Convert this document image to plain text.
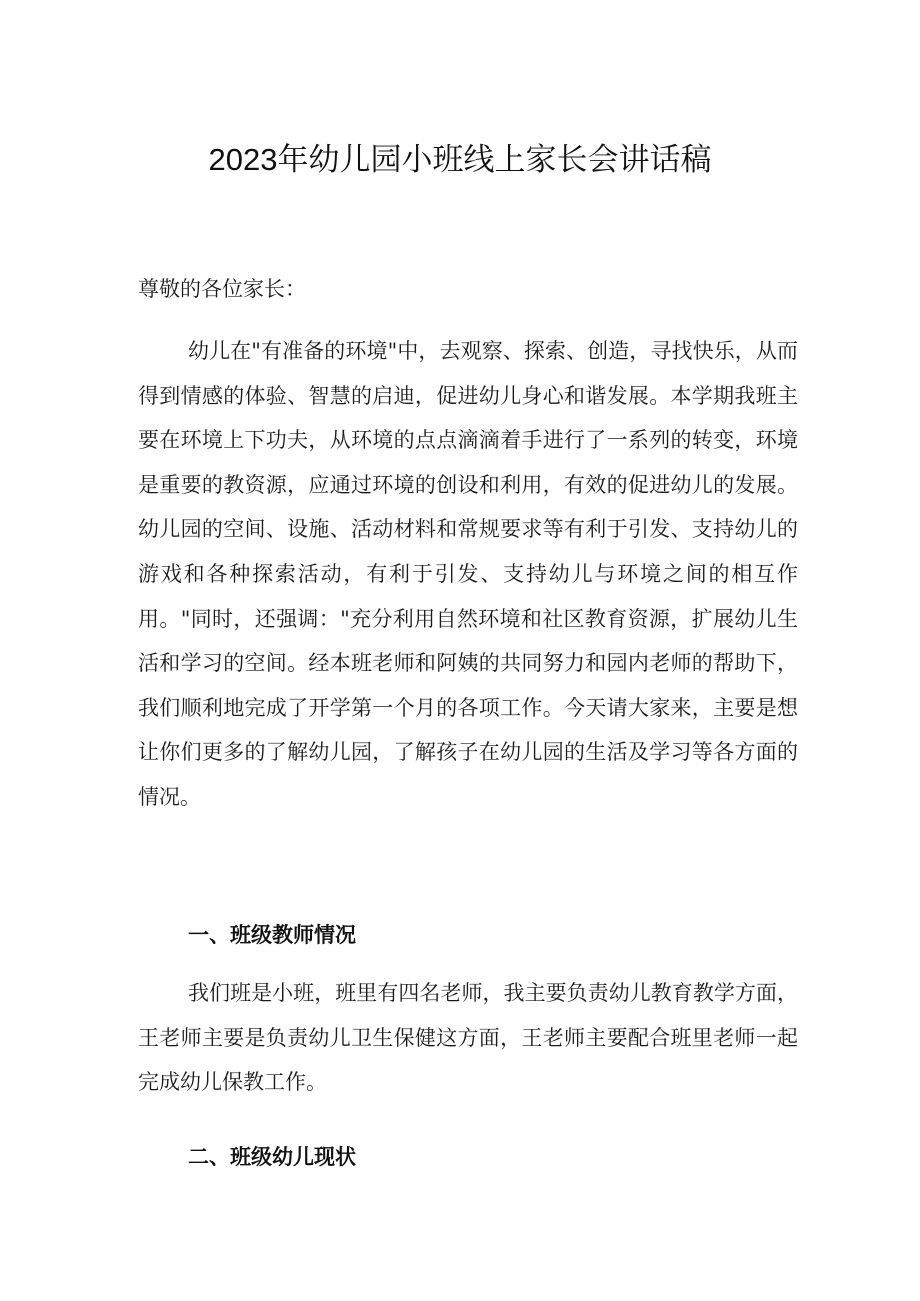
2023年幼儿园小班线上家长会讲话稿

尊敬的各位家长：

幼儿在"有准备的环境"中，去观察、探索、创造，寻找快乐，从而得到情感的体验、智慧的启迪，促进幼儿身心和谐发展。本学期我班主要在环境上下功夫，从环境的点点滴滴着手进行了一系列的转变，环境是重要的教资源，应通过环境的创设和利用，有效的促进幼儿的发展。幼儿园的空间、设施、活动材料和常规要求等有利于引发、支持幼儿的游戏和各种探索活动，有利于引发、支持幼儿与环境之间的相互作用。"同时，还强调："充分利用自然环境和社区教育资源，扩展幼儿生活和学习的空间。经本班老师和阿姨的共同努力和园内老师的帮助下，我们顺利地完成了开学第一个月的各项工作。今天请大家来，主要是想让你们更多的了解幼儿园，了解孩子在幼儿园的生活及学习等各方面的情况。

一、班级教师情况

我们班是小班，班里有四名老师，我主要负责幼儿教育教学方面，王老师主要是负责幼儿卫生保健这方面，王老师主要配合班里老师一起完成幼儿保教工作。

二、班级幼儿现状
